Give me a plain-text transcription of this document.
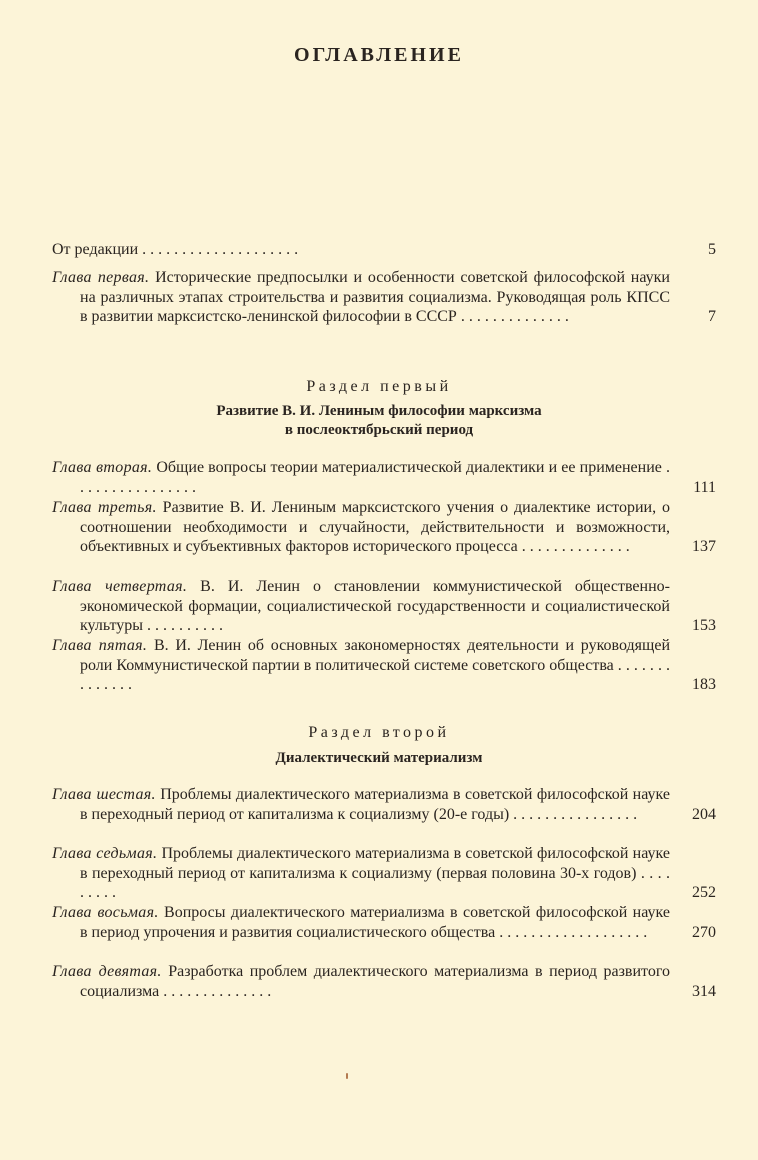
ОГЛАВЛЕНИЕ
От редакции . . . . . . . . . . . . . . . . . . . .	5
Глава первая. Исторические предпосылки и особенности советской философской науки на различных этапах строительства и развития социализма. Руководящая роль КПСС в развитии марксистско-ленинской философии в СССР . . . . . . . . . . . . . .	7
Раздел первый
Развитие В. И. Лениным философии марксизма
в послеоктябрьский период
Глава вторая. Общие вопросы теории материалистической диалектики и ее применение . . . . . . . . . . . . . . . .	111
Глава третья. Развитие В. И. Лениным марксистского учения о диалектике истории, о соотношении необходимости и случайности, действительности и возможности, объективных и субъективных факторов исторического процесса . . . . . . . . . . . . . .	137
Глава четвертая. В. И. Ленин о становлении коммунистической общественно-экономической формации, социалистической государственности и социалистической культуры . . . . . . . . . .	153
Глава пятая. В. И. Ленин об основных закономерностях деятельности и руководящей роли Коммунистической партии в политической системе советского общества . . . . . . . . . . . . . .	183
Раздел второй
Диалектический материализм
Глава шестая. Проблемы диалектического материализма в советской философской науке в переходный период от капитализма к социализму (20-е годы) . . . . . . . . . . . . . . . .	204
Глава седьмая. Проблемы диалектического материализма в советской философской науке в переходный период от капитализма к социализму (первая половина 30-х годов) . . . . . . . . .	252
Глава восьмая. Вопросы диалектического материализма в советской философской науке в период упрочения и развития социалистического общества . . . . . . . . . . . . . . . . . . .	270
Глава девятая. Разработка проблем диалектического материализма в период развитого социализма . . . . . . . . . . . . . .	314
